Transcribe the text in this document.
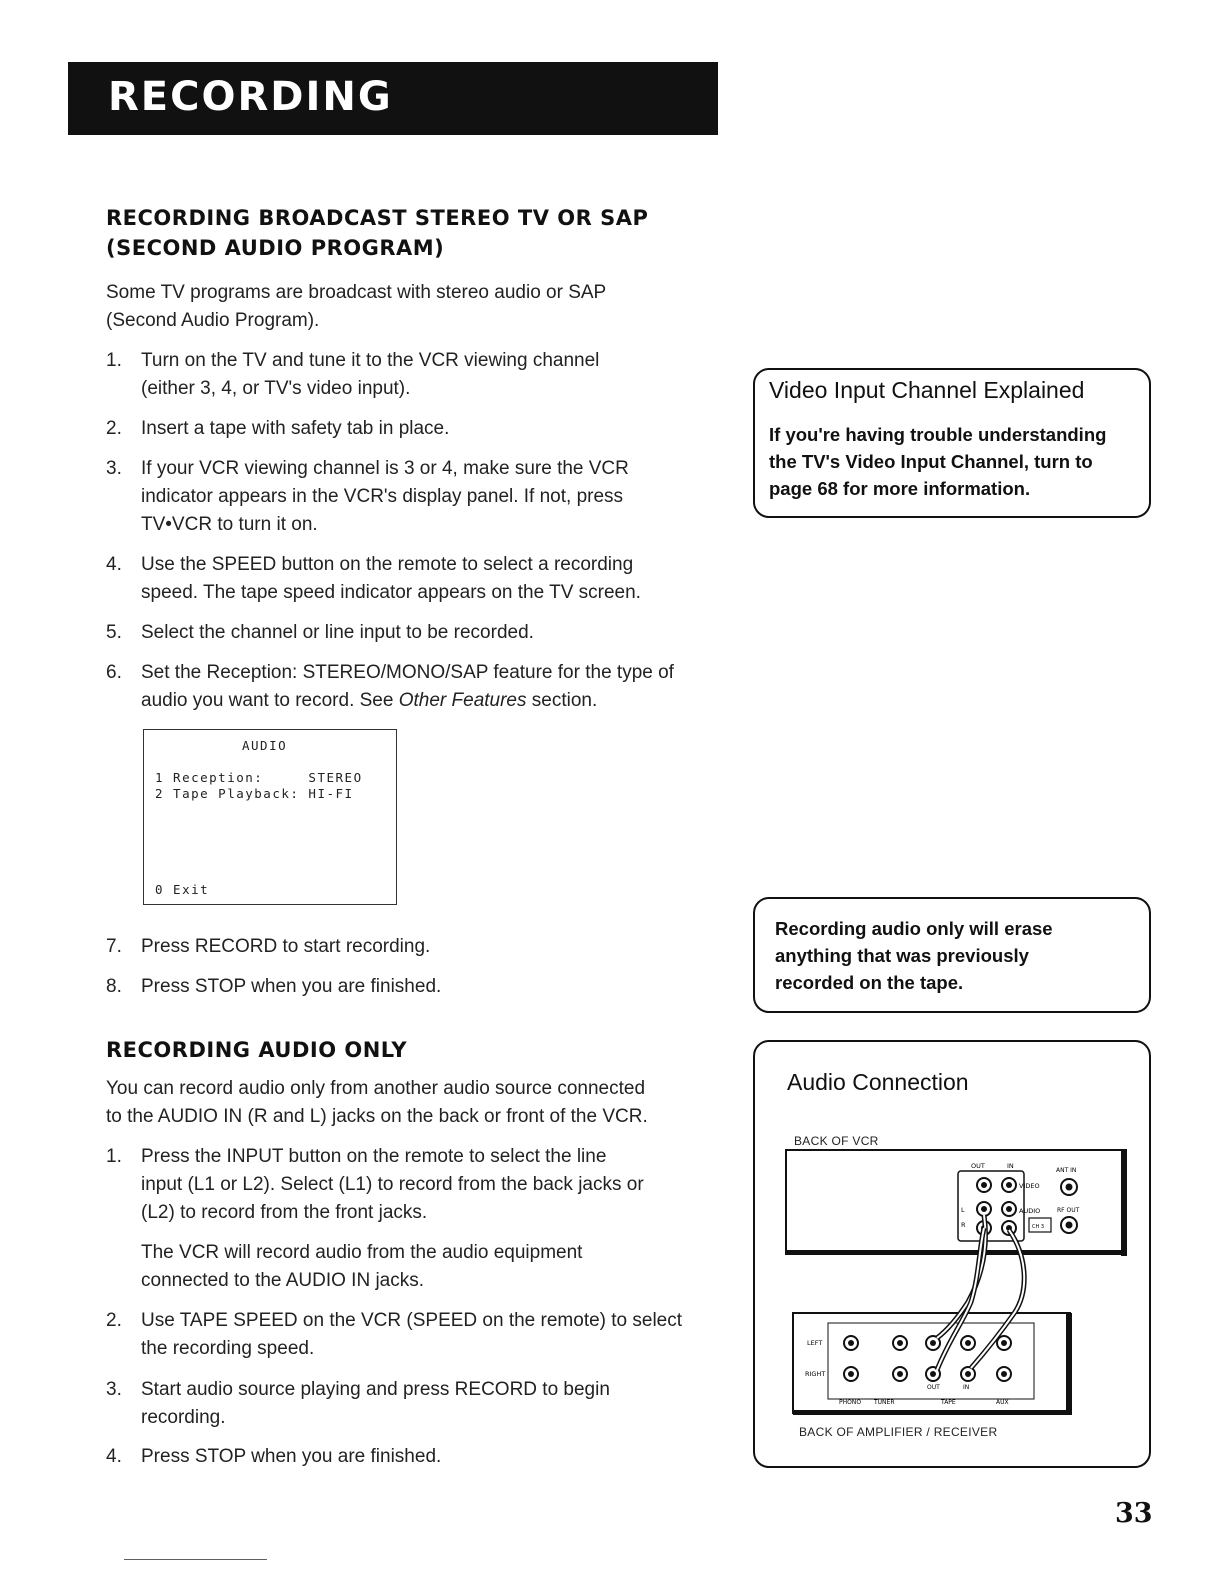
RECORDING
RECORDING BROADCAST STEREO TV OR SAP
(SECOND AUDIO PROGRAM)
Some TV programs are broadcast with stereo audio or SAP
(Second Audio Program).
1.	Turn on the TV and tune it to the VCR viewing channel
(either 3, 4, or TV's video input).
2.	Insert a tape with safety tab in place.
3.	If your VCR viewing channel is 3 or 4, make sure the VCR
indicator appears in the VCR's display panel. If not, press
TV•VCR to turn it on.
4.	Use the SPEED button on the remote to select a recording
speed. The tape speed indicator appears on the TV screen.
5.	Select the channel or line input to be recorded.
6.	Set the Reception: STEREO/MONO/SAP feature for the type of
audio you want to record. See Other Features section.
AUDIO
1 Reception:     STEREO
2 Tape Playback: HI-FI
0 Exit
7.	Press RECORD to start recording.
8.	Press STOP when you are finished.
RECORDING AUDIO ONLY
You can record audio only from another audio source connected
to the AUDIO IN (R and L) jacks on the back or front of the VCR.
1.	Press the INPUT button on the remote to select the line
input (L1 or L2). Select (L1) to record from the back jacks or
(L2) to record from the front jacks.
The VCR will record audio from the audio equipment
connected to the AUDIO IN jacks.
2.	Use TAPE SPEED on the VCR (SPEED on the remote) to select
the recording speed.
3.	Start audio source playing and press RECORD to begin
recording.
4.	Press STOP when you are finished.
Video Input Channel Explained
If you're having trouble understanding
the TV's Video Input Channel, turn to
page 68 for more information.
Recording audio only will erase
anything that was previously
recorded on the tape.
Audio Connection
BACK OF VCR
BACK OF AMPLIFIER / RECEIVER
OUT	IN
ANT IN
VIDEO
L
R
AUDIO	RF OUT
CH 3
LEFT
RIGHT
OUT	IN
PHONO TUNER	TAPE	AUX
33
